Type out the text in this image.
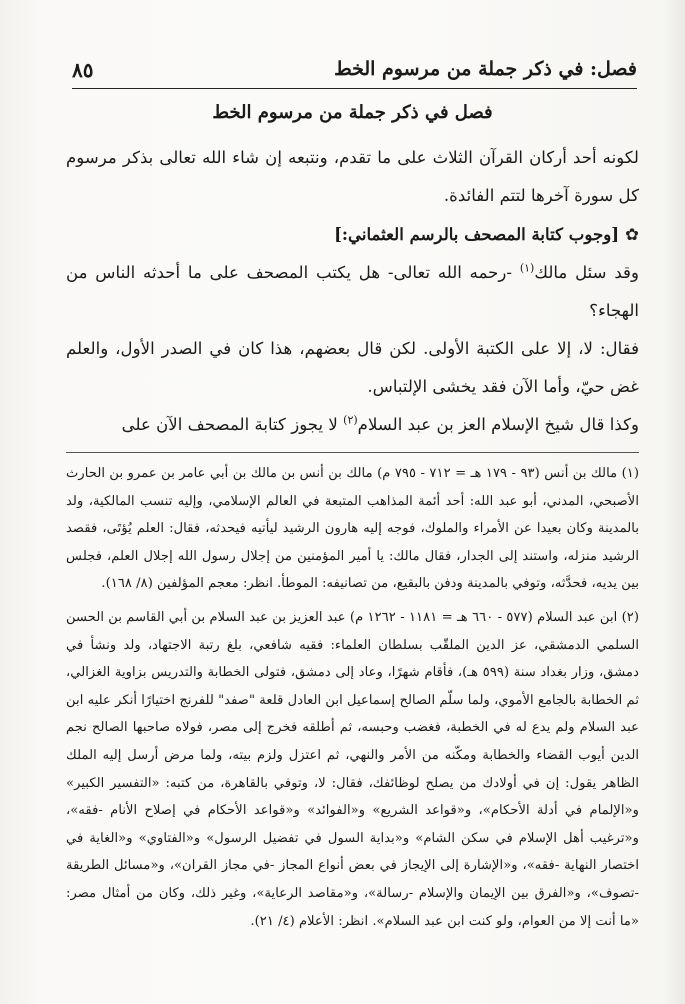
٨٥	فصل: في ذكر جملة من مرسوم الخط
فصل في ذكر جملة من مرسوم الخط

لكونه أحد أركان القرآن الثلاث على ما تقدم، ونتبعه إن شاء الله تعالى بذكر مرسوم كل سورة آخرها لتتم الفائدة.

✿[وجوب كتابة المصحف بالرسم العثماني:]

وقد سئل مالك$^{(١)}$ -رحمه الله تعالى- هل يكتب المصحف على ما أحدثه الناس من الهجاء؟

فقال: لا، إلا على الكتبة الأولى. لكن قال بعضهم، هذا كان في الصدر الأول، والعلم غض حيّ، وأما الآن فقد يخشى الإلتباس.

وكذا قال شيخ الإسلام العز بن عبد السلام$^{(٢)}$ لا يجوز كتابة المصحف الآن على

(١) مالك بن أنس (٩٣ - ١٧٩ هـ = ٧١٢ - ٧٩٥ م) مالك بن أنس بن مالك بن أبي عامر بن عمرو بن الحارث الأصبحي، المدني، أبو عبد الله: أحد أئمة المذاهب المتبعة في العالم الإسلامي، وإليه تنسب المالكية، ولد بالمدينة وكان بعيدا عن الأمراء والملوك، فوجه إليه هارون الرشيد ليأتيه فيحدثه، فقال: العلم يُؤتَى، فقصد الرشيد منزله، واستند إلى الجدار، فقال مالك: يا أمير المؤمنين من إجلال رسول الله إجلال العلم، فجلس بين يديه، فحدَّثه، وتوفي بالمدينة ودفن بالبقيع، من تصانيفه: الموطأ. انظر: معجم المؤلفين (٨/ ١٦٨).

(٢) ابن عبد السلام (٥٧٧ - ٦٦٠ هـ = ١١٨١ - ١٢٦٢ م) عبد العزيز بن عبد السلام بن أبي القاسم بن الحسن السلمي الدمشقي، عز الدين الملقّب بسلطان العلماء: فقيه شافعي، بلغ رتبة الاجتهاد، ولد ونشأ في دمشق، وزار بغداد سنة (٥٩٩ هـ)، فأقام شهرًا، وعاد إلى دمشق، فتولى الخطابة والتدريس بزاوية الغزالي، ثم الخطابة بالجامع الأموي، ولما سلّم الصالح إسماعيل ابن العادل قلعة "صفد" للفرنج اختيارًا أنكر عليه ابن عبد السلام ولم يدع له في الخطبة، فغضب وحبسه، ثم أطلقه فخرج إلى مصر، فولاه صاحبها الصالح نجم الدين أيوب القضاء والخطابة ومكّنه من الأمر والنهي، ثم اعتزل ولزم بيته، ولما مرض أرسل إليه الملك الظاهر يقول: إن في أولادك من يصلح لوظائفك، فقال: لا، وتوفي بالقاهرة، من كتبه: «التفسير الكبير» و«الإلمام في أدلة الأحكام»، و«قواعد الشريع» و«الفوائد» و«قواعد الأحكام في إصلاح الأنام -فقه»، و«ترغيب أهل الإسلام في سكن الشام» و«بداية السول في تفضيل الرسول» و«الفتاوي» و«الغاية في اختصار النهاية -فقه»، و«الإشارة إلى الإيجاز في بعض أنواع المجاز -في مجاز القران»، و«مسائل الطريقة -تصوف»، و«الفرق بين الإيمان والإسلام -رسالة»، و«مقاصد الرعاية»، وغير ذلك، وكان من أمثال مصر: «ما أنت إلا من العوام، ولو كنت ابن عبد السلام». انظر: الأعلام (٤/ ٢١).
